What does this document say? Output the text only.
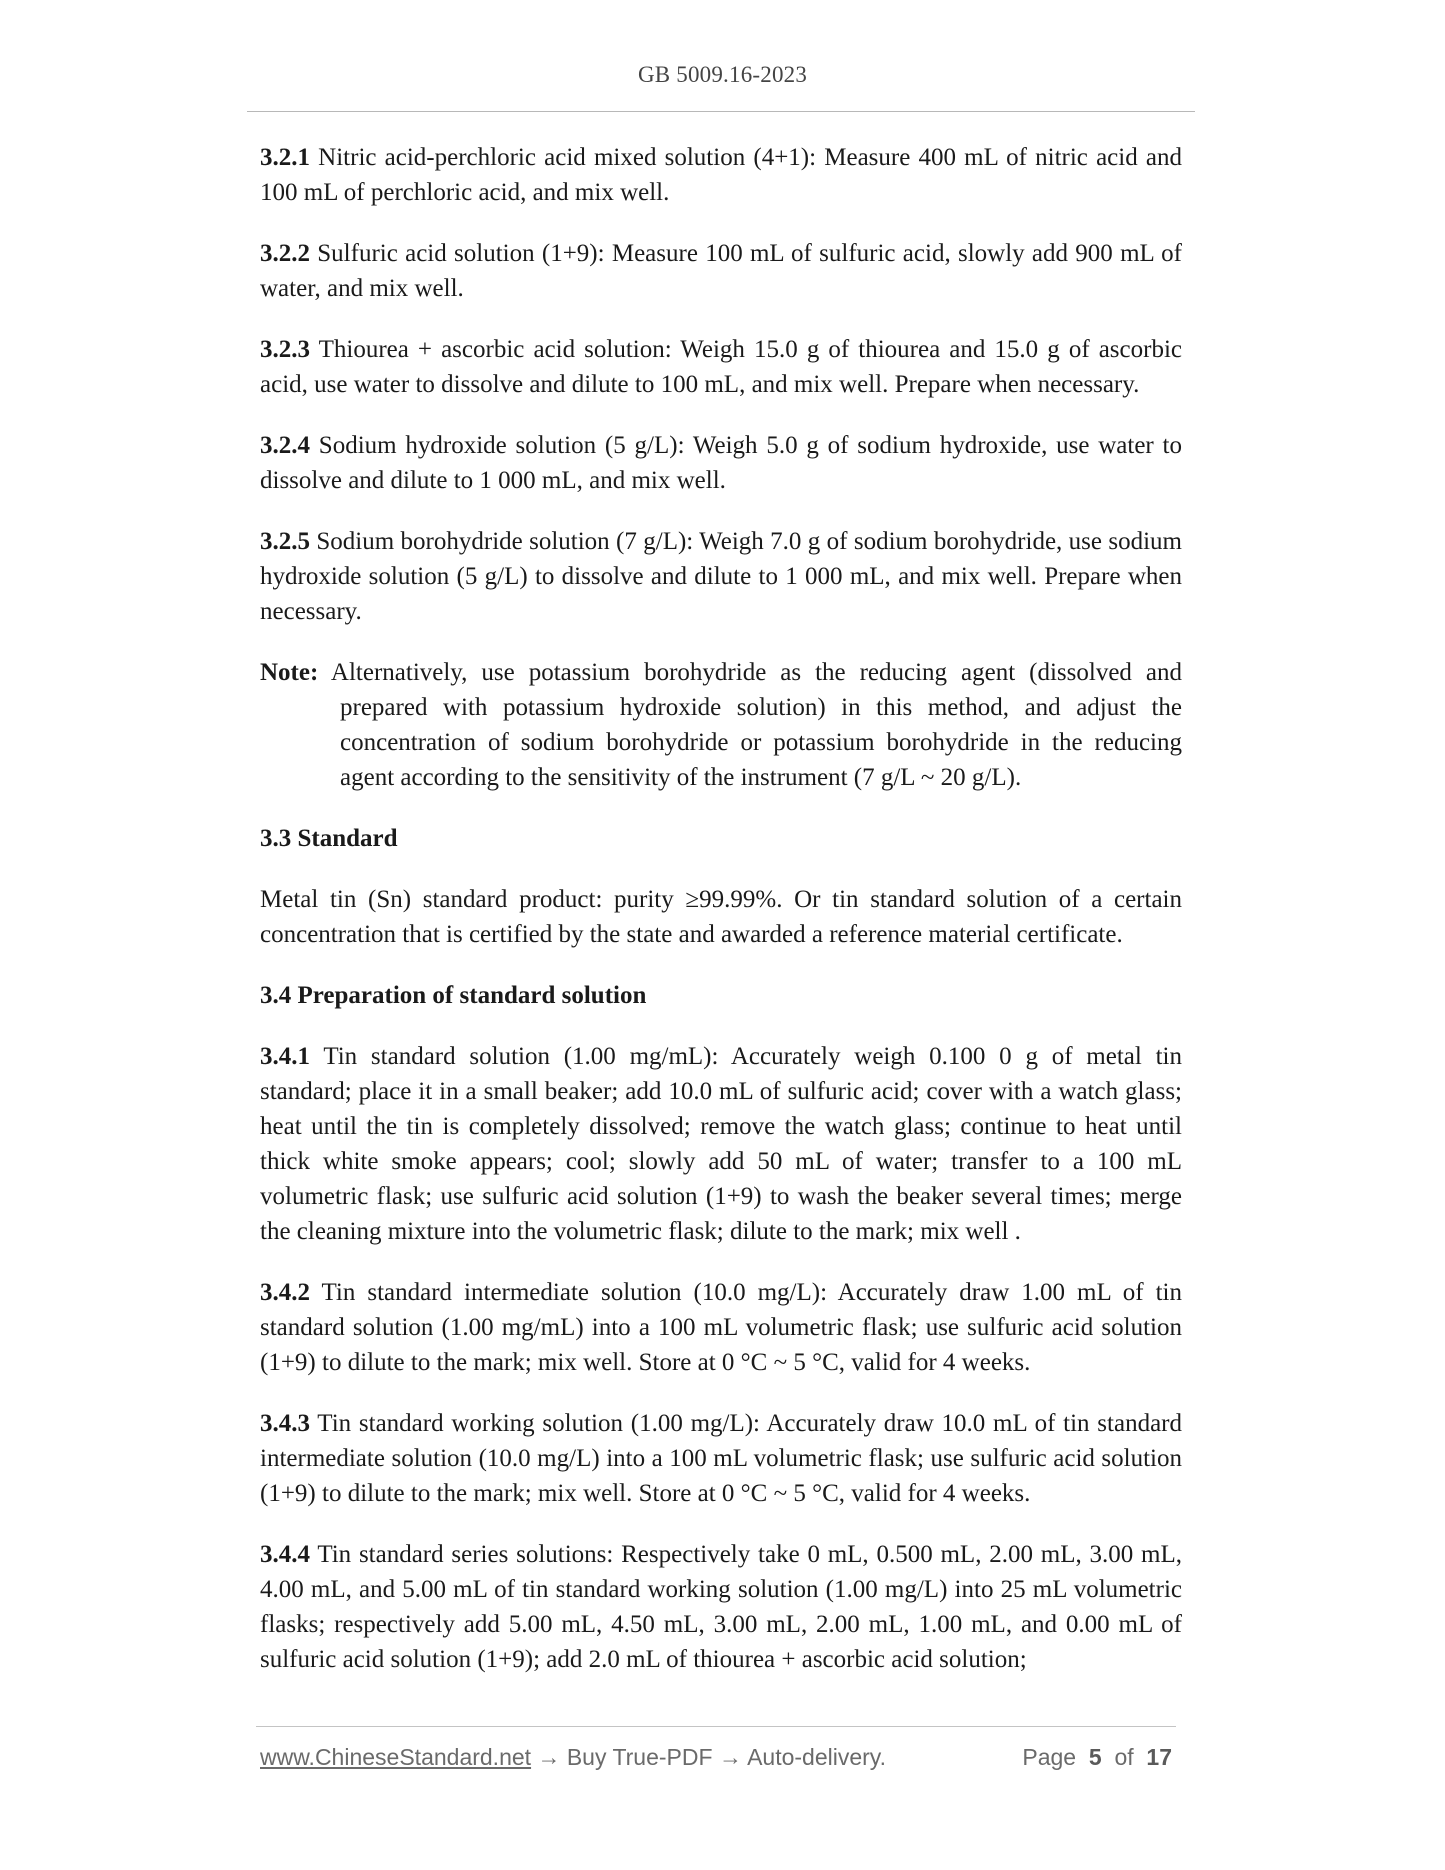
GB 5009.16-2023

3.2.1 Nitric acid-perchloric acid mixed solution (4+1): Measure 400 mL of nitric acid and 100 mL of perchloric acid, and mix well.

3.2.2 Sulfuric acid solution (1+9): Measure 100 mL of sulfuric acid, slowly add 900 mL of water, and mix well.

3.2.3 Thiourea + ascorbic acid solution: Weigh 15.0 g of thiourea and 15.0 g of ascorbic acid, use water to dissolve and dilute to 100 mL, and mix well. Prepare when necessary.

3.2.4 Sodium hydroxide solution (5 g/L): Weigh 5.0 g of sodium hydroxide, use water to dissolve and dilute to 1 000 mL, and mix well.

3.2.5 Sodium borohydride solution (7 g/L): Weigh 7.0 g of sodium borohydride, use sodium hydroxide solution (5 g/L) to dissolve and dilute to 1 000 mL, and mix well. Prepare when necessary.

Note: Alternatively, use potassium borohydride as the reducing agent (dissolved and prepared with potassium hydroxide solution) in this method, and adjust the concentration of sodium borohydride or potassium borohydride in the reducing agent according to the sensitivity of the instrument (7 g/L ~ 20 g/L).

3.3 Standard

Metal tin (Sn) standard product: purity ≥99.99%. Or tin standard solution of a certain concentration that is certified by the state and awarded a reference material certificate.

3.4 Preparation of standard solution

3.4.1 Tin standard solution (1.00 mg/mL): Accurately weigh 0.100 0 g of metal tin standard; place it in a small beaker; add 10.0 mL of sulfuric acid; cover with a watch glass; heat until the tin is completely dissolved; remove the watch glass; continue to heat until thick white smoke appears; cool; slowly add 50 mL of water; transfer to a 100 mL volumetric flask; use sulfuric acid solution (1+9) to wash the beaker several times; merge the cleaning mixture into the volumetric flask; dilute to the mark; mix well .

3.4.2 Tin standard intermediate solution (10.0 mg/L): Accurately draw 1.00 mL of tin standard solution (1.00 mg/mL) into a 100 mL volumetric flask; use sulfuric acid solution (1+9) to dilute to the mark; mix well. Store at 0 °C ~ 5 °C, valid for 4 weeks.

3.4.3 Tin standard working solution (1.00 mg/L): Accurately draw 10.0 mL of tin standard intermediate solution (10.0 mg/L) into a 100 mL volumetric flask; use sulfuric acid solution (1+9) to dilute to the mark; mix well. Store at 0 °C ~ 5 °C, valid for 4 weeks.

3.4.4 Tin standard series solutions: Respectively take 0 mL, 0.500 mL, 2.00 mL, 3.00 mL, 4.00 mL, and 5.00 mL of tin standard working solution (1.00 mg/L) into 25 mL volumetric flasks; respectively add 5.00 mL, 4.50 mL, 3.00 mL, 2.00 mL, 1.00 mL, and 0.00 mL of sulfuric acid solution (1+9); add 2.0 mL of thiourea + ascorbic acid solution;

www.ChineseStandard.net → Buy True-PDF → Auto-delivery.	Page 5 of 17
